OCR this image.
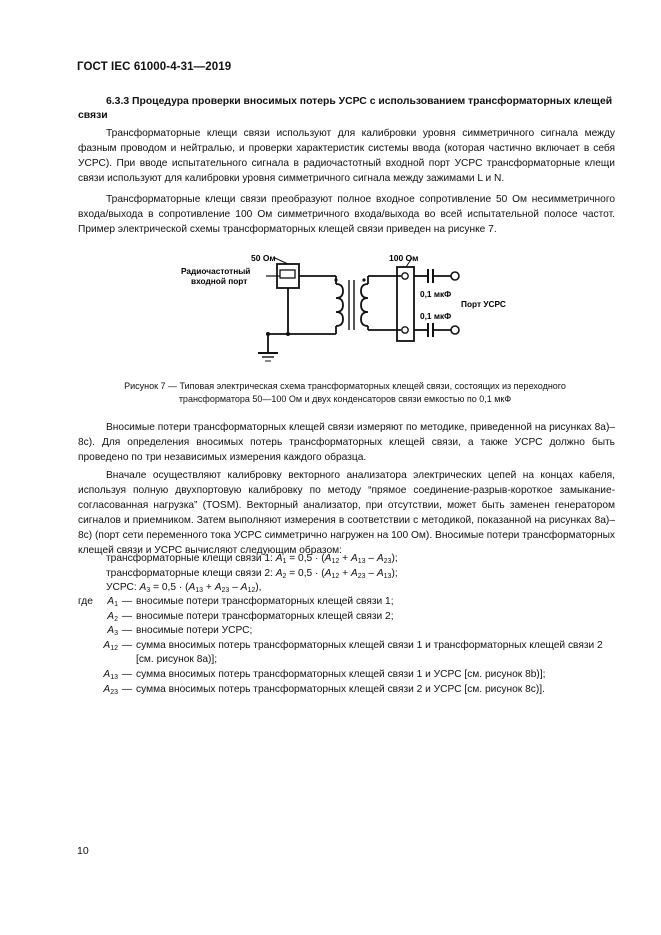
ГОСТ IEC 61000-4-31—2019
6.3.3 Процедура проверки вносимых потерь УСРС с использованием трансформаторных клещей связи
Трансформаторные клещи связи используют для калибровки уровня симметричного сигнала между фазным проводом и нейтралью, и проверки характеристик системы ввода (которая частично включает в себя УСРС). При вводе испытательного сигнала в радиочастотный входной порт УСРС трансформаторные клещи связи используют для калибровки уровня симметричного сигнала между зажимами L и N.
Трансформаторные клещи связи преобразуют полное входное сопротивление 50 Ом несимметричного входа/выхода в сопротивление 100 Ом симметричного входа/выхода во всей испытательной полосе частот. Пример электрической схемы трансформаторных клещей связи приведен на рисунке 7.
50 Ом	100 Ом
Радиочастотный
входной порт
0,1 мкФ
0,1 мкФ
Порт УСРС
Рисунок 7 — Типовая электрическая схема трансформаторных клещей связи, состоящих из переходного
трансформатора 50—100 Ом и двух конденсаторов связи емкостью по 0,1 мкФ
Вносимые потери трансформаторных клещей связи измеряют по методике, приведенной на рисунках 8a)–8c). Для определения вносимых потерь трансформаторных клещей связи, а также УСРС должно быть проведено по три независимых измерения каждого образца.
Вначале осуществляют калибровку векторного анализатора электрических цепей на концах кабеля, используя полную двухпортовую калибровку по методу “прямое соединение-разрыв-короткое замыкание-согласованная нагрузка” (TOSM). Векторный анализатор, при отсутствии, может быть заменен генератором сигналов и приемником. Затем выполняют измерения в соответствии с методикой, показанной на рисунках 8a)–8c) (порт сети переменного тока УСРС симметрично нагружен на 100 Ом). Вносимые потери трансформаторных клещей связи и УСРС вычисляют следующим образом:
трансформаторные клещи связи 1: $A_1 = 0,5 \cdot (A_{12} + A_{13} - A_{23})$;
трансформаторные клещи связи 2: $A_2 = 0,5 \cdot (A_{12} + A_{23} - A_{13})$;
УСРС: $A_3 = 0,5 \cdot (A_{13} + A_{23} - A_{12})$,
где	$A_1$ — вносимые потери трансформаторных клещей связи 1;
$A_2$ — вносимые потери трансформаторных клещей связи 2;
$A_3$ — вносимые потери УСРС;
$A_{12}$ — сумма вносимых потерь трансформаторных клещей связи 1 и трансформаторных клещей связи 2 [см. рисунок 8a)];
$A_{13}$ — сумма вносимых потерь трансформаторных клещей связи 1 и УСРС [см. рисунок 8b)];
$A_{23}$ — сумма вносимых потерь трансформаторных клещей связи 2 и УСРС [см. рисунок 8c)].
10
